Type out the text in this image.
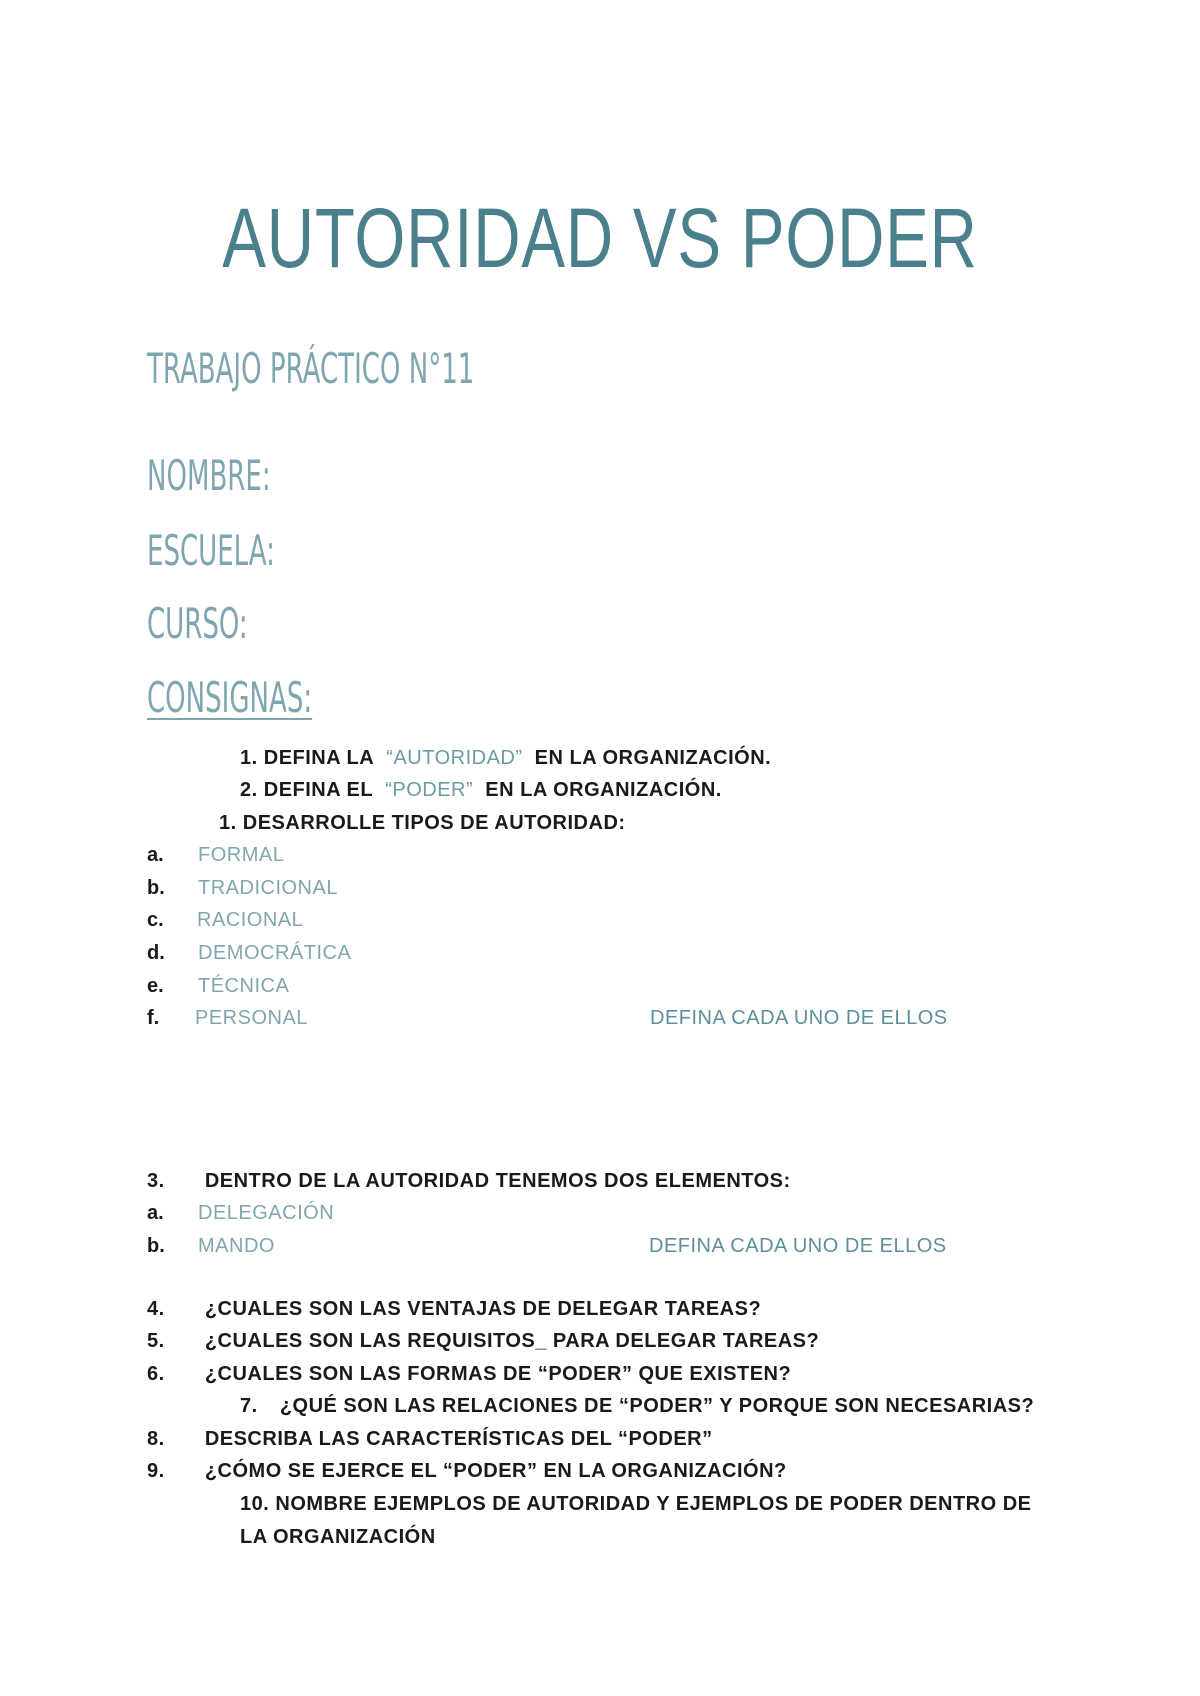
AUTORIDAD VS PODER
TRABAJO PRÁCTICO N°11
NOMBRE:
ESCUELA:
CURSO:
CONSIGNAS:
1. DEFINA LA “AUTORIDAD” EN LA ORGANIZACIÓN.
2. DEFINA EL “PODER” EN LA ORGANIZACIÓN.
1. DESARROLLE TIPOS DE AUTORIDAD:
a. FORMAL
b. TRADICIONAL
c. RACIONAL
d. DEMOCRÁTICA
e. TÉCNICA
f. PERSONAL	DEFINA CADA UNO DE ELLOS
3. DENTRO DE LA AUTORIDAD TENEMOS DOS ELEMENTOS:
a. DELEGACIÓN
b. MANDO	DEFINA CADA UNO DE ELLOS
4. ¿CUALES SON LAS VENTAJAS DE DELEGAR TAREAS?
5. ¿CUALES SON LAS REQUISITOS_ PARA DELEGAR TAREAS?
6. ¿CUALES SON LAS FORMAS DE “PODER” QUE EXISTEN?
7. ¿QUÉ SON LAS RELACIONES DE “PODER” Y PORQUE SON NECESARIAS?
8. DESCRIBA LAS CARACTERÍSTICAS DEL “PODER”
9. ¿CÓMO SE EJERCE EL “PODER” EN LA ORGANIZACIÓN?
10. NOMBRE EJEMPLOS DE AUTORIDAD Y EJEMPLOS DE PODER DENTRO DE
LA ORGANIZACIÓN
